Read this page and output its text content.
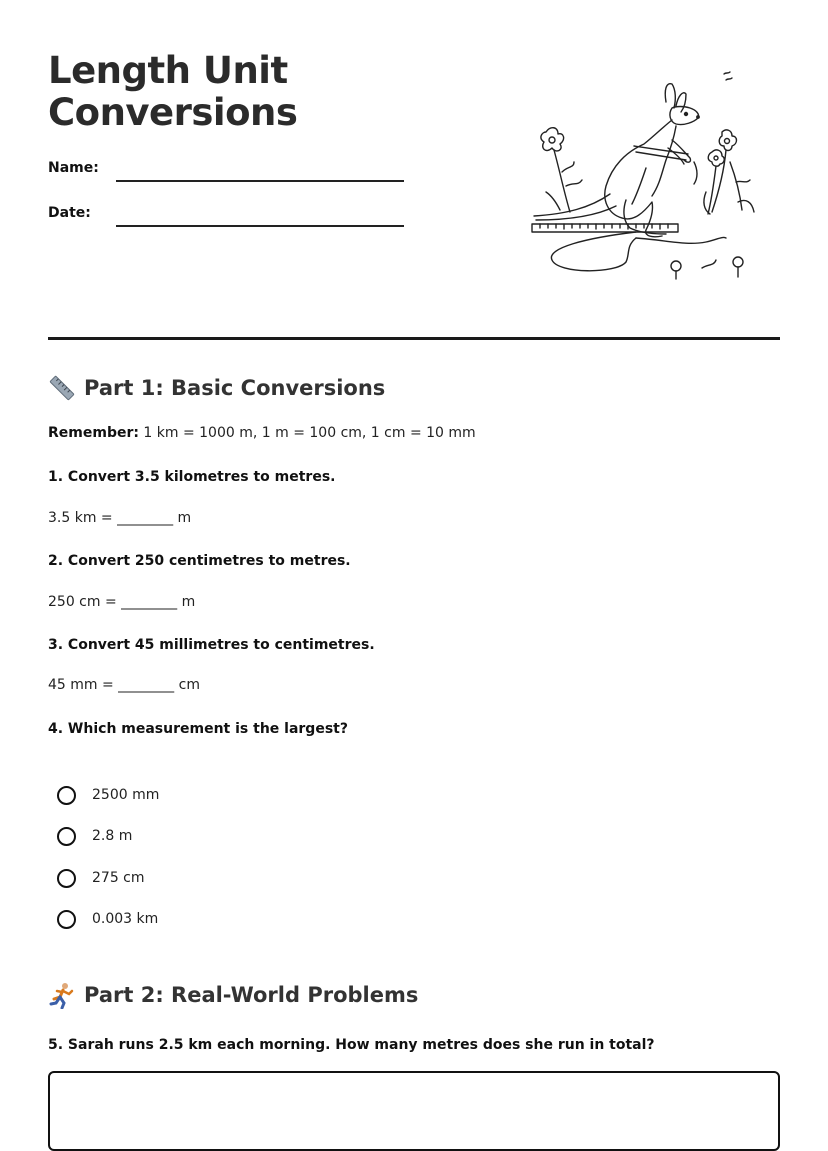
Length Unit
Conversions
Name:
Date:
Part 1: Basic Conversions
Remember: 1 km = 1000 m, 1 m = 100 cm, 1 cm = 10 mm
1. Convert 3.5 kilometres to metres.
3.5 km = ________ m
2. Convert 250 centimetres to metres.
250 cm = ________ m
3. Convert 45 millimetres to centimetres.
45 mm = ________ cm
4. Which measurement is the largest?
2500 mm
2.8 m
275 cm
0.003 km
Part 2: Real-World Problems
5. Sarah runs 2.5 km each morning. How many metres does she run in total?
